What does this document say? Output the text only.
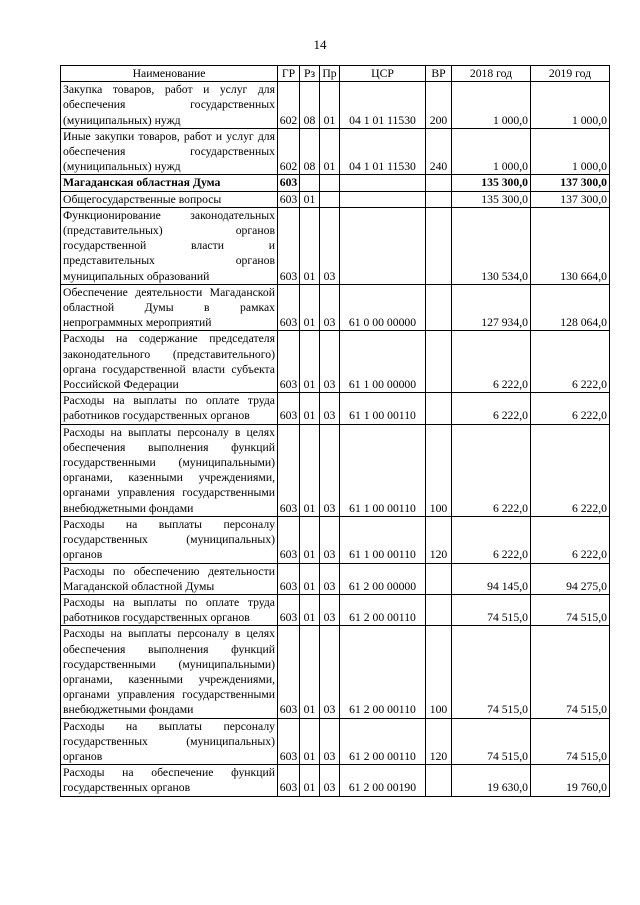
14
Наименование	ГР	Рз	Пр	ЦСР	ВР	2018 год	2019 год
Закупка товаров, работ и услуг для обеспечения государственных (муниципальных) нужд	602	08	01	04 1 01 11530	200	1 000,0	1 000,0
Иные закупки товаров, работ и услуг для обеспечения государственных (муниципальных) нужд	602	08	01	04 1 01 11530	240	1 000,0	1 000,0
Магаданская областная Дума	603					135 300,0	137 300,0
Общегосударственные вопросы	603	01				135 300,0	137 300,0
Функционирование законодательных (представительных) органов государственной власти и представительных органов муниципальных образований	603	01	03			130 534,0	130 664,0
Обеспечение деятельности Магаданской областной Думы в рамках непрограммных мероприятий	603	01	03	61 0 00 00000		127 934,0	128 064,0
Расходы на содержание председателя законодательного (представительного) органа государственной власти субъекта Российской Федерации	603	01	03	61 1 00 00000		6 222,0	6 222,0
Расходы на выплаты по оплате труда работников государственных органов	603	01	03	61 1 00 00110		6 222,0	6 222,0
Расходы на выплаты персоналу в целях обеспечения выполнения функций государственными (муниципальными) органами, казенными учреждениями, органами управления государственными внебюджетными фондами	603	01	03	61 1 00 00110	100	6 222,0	6 222,0
Расходы на выплаты персоналу государственных (муниципальных) органов	603	01	03	61 1 00 00110	120	6 222,0	6 222,0
Расходы по обеспечению деятельности Магаданской областной Думы	603	01	03	61 2 00 00000		94 145,0	94 275,0
Расходы на выплаты по оплате труда работников государственных органов	603	01	03	61 2 00 00110		74 515,0	74 515,0
Расходы на выплаты персоналу в целях обеспечения выполнения функций государственными (муниципальными) органами, казенными учреждениями, органами управления государственными внебюджетными фондами	603	01	03	61 2 00 00110	100	74 515,0	74 515,0
Расходы на выплаты персоналу государственных (муниципальных) органов	603	01	03	61 2 00 00110	120	74 515,0	74 515,0
Расходы на обеспечение функций государственных органов	603	01	03	61 2 00 00190		19 630,0	19 760,0
